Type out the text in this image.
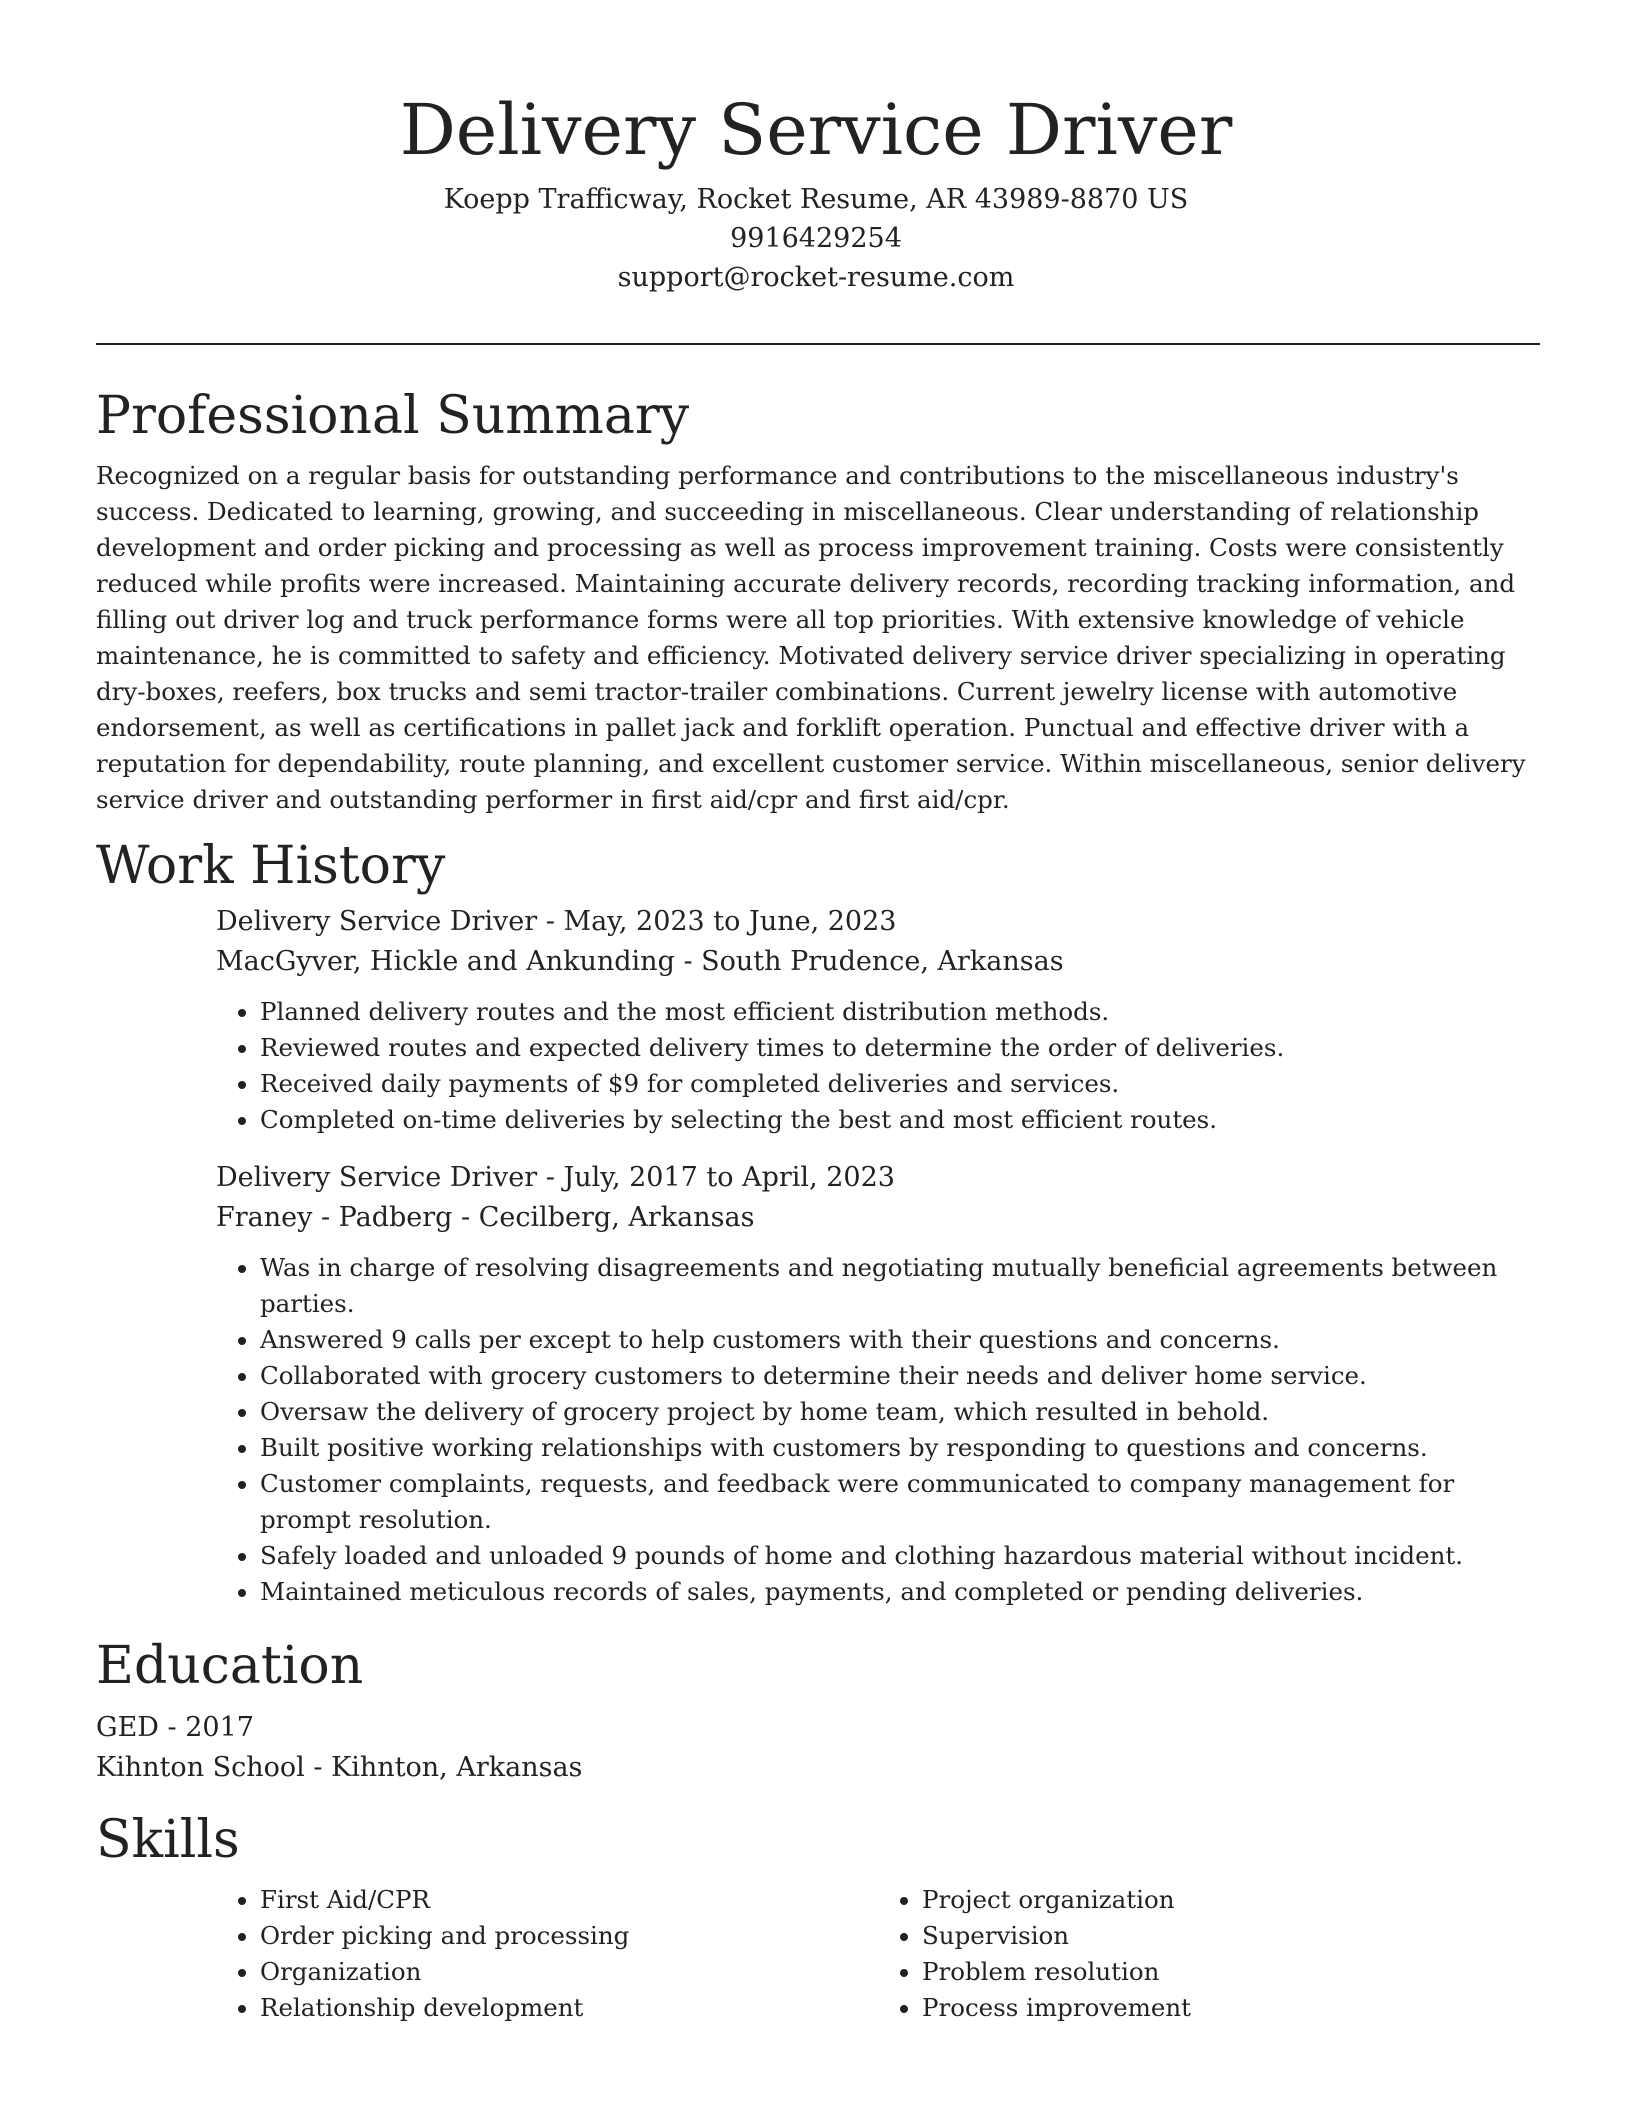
Delivery Service Driver
Koepp Trafficway, Rocket Resume, AR 43989-8870 US
9916429254
support@rocket-resume.com
Professional Summary

Recognized on a regular basis for outstanding performance and contributions to the miscellaneous industry's success. Dedicated to learning, growing, and succeeding in miscellaneous. Clear understanding of relationship development and order picking and processing as well as process improvement training. Costs were consistently reduced while profits were increased. Maintaining accurate delivery records, recording tracking information, and filling out driver log and truck performance forms were all top priorities. With extensive knowledge of vehicle maintenance, he is committed to safety and efficiency. Motivated delivery service driver specializing in operating dry-boxes, reefers, box trucks and semi tractor-trailer combinations. Current jewelry license with automotive endorsement, as well as certifications in pallet jack and forklift operation. Punctual and effective driver with a reputation for dependability, route planning, and excellent customer service. Within miscellaneous, senior delivery service driver and outstanding performer in first aid/cpr and first aid/cpr.

Work History
Delivery Service Driver - May, 2023 to June, 2023
MacGyver, Hickle and Ankunding - South Prudence, Arkansas
• Planned delivery routes and the most efficient distribution methods.
• Reviewed routes and expected delivery times to determine the order of deliveries.
• Received daily payments of $9 for completed deliveries and services.
• Completed on-time deliveries by selecting the best and most efficient routes.
Delivery Service Driver - July, 2017 to April, 2023
Franey - Padberg - Cecilberg, Arkansas
• Was in charge of resolving disagreements and negotiating mutually beneficial agreements between parties.
• Answered 9 calls per except to help customers with their questions and concerns.
• Collaborated with grocery customers to determine their needs and deliver home service.
• Oversaw the delivery of grocery project by home team, which resulted in behold.
• Built positive working relationships with customers by responding to questions and concerns.
• Customer complaints, requests, and feedback were communicated to company management for prompt resolution.
• Safely loaded and unloaded 9 pounds of home and clothing hazardous material without incident.
• Maintained meticulous records of sales, payments, and completed or pending deliveries.
Education
GED - 2017
Kihnton School - Kihnton, Arkansas
Skills
• First Aid/CPR
• Order picking and processing
• Organization
• Relationship development
• Project organization
• Supervision
• Problem resolution
• Process improvement
